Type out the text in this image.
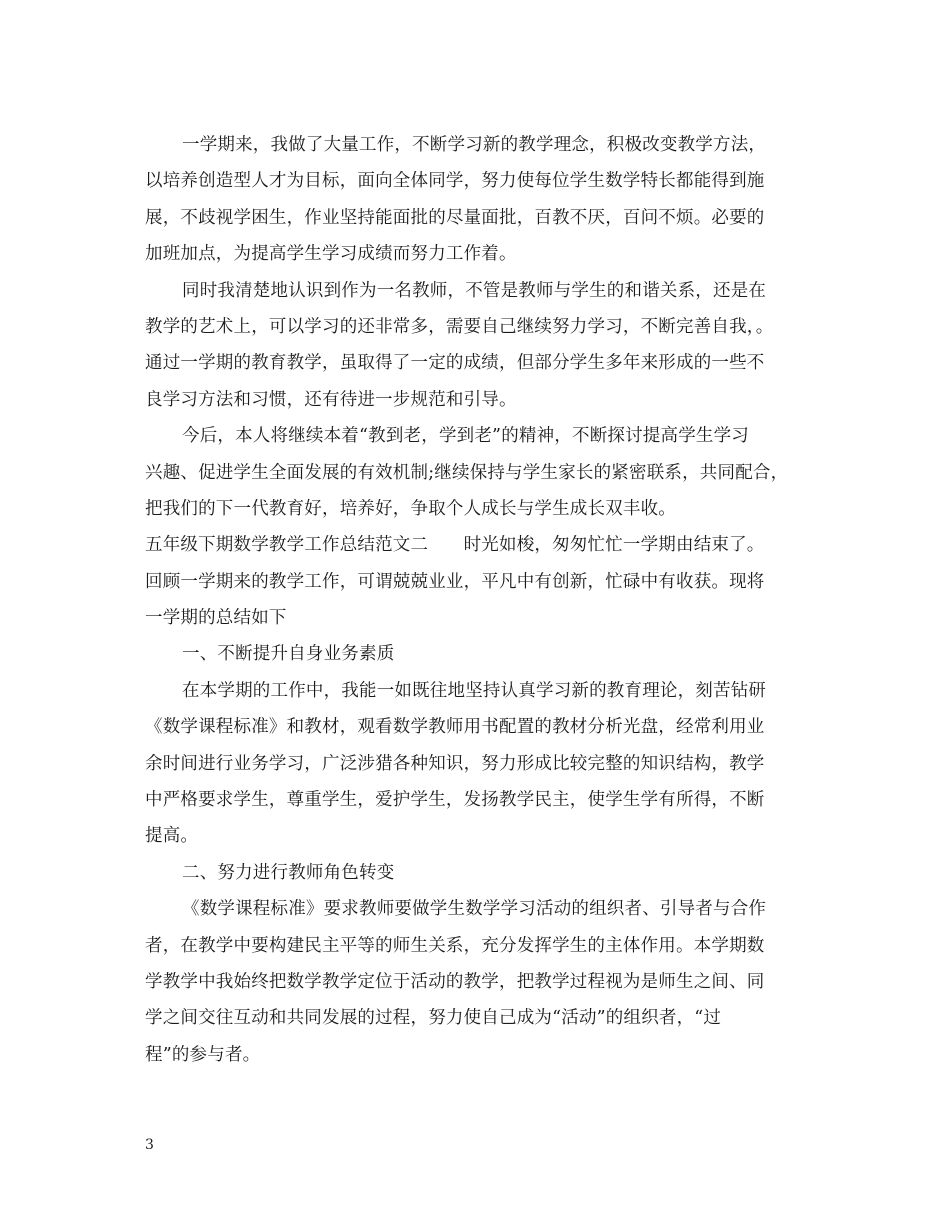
一学期来，我做了大量工作，不断学习新的教学理念，积极改变教学方法，
以培养创造型人才为目标，面向全体同学，努力使每位学生数学特长都能得到施
展，不歧视学困生，作业坚持能面批的尽量面批，百教不厌，百问不烦。必要的
加班加点，为提高学生学习成绩而努力工作着。
同时我清楚地认识到作为一名教师，不管是教师与学生的和谐关系，还是在
教学的艺术上，可以学习的还非常多，需要自己继续努力学习，不断完善自我，。
通过一学期的教育教学，虽取得了一定的成绩，但部分学生多年来形成的一些不
良学习方法和习惯，还有待进一步规范和引导。
今后，本人将继续本着“教到老，学到老”的精神，不断探讨提高学生学习
兴趣、促进学生全面发展的有效机制;继续保持与学生家长的紧密联系，共同配合，
把我们的下一代教育好，培养好，争取个人成长与学生成长双丰收。
五年级下期数学教学工作总结范文二　　时光如梭，匆匆忙忙一学期由结束了。
回顾一学期来的教学工作，可谓兢兢业业，平凡中有创新，忙碌中有收获。现将
一学期的总结如下
一、不断提升自身业务素质
在本学期的工作中，我能一如既往地坚持认真学习新的教育理论，刻苦钻研
《数学课程标准》和教材，观看数学教师用书配置的教材分析光盘，经常利用业
余时间进行业务学习，广泛涉猎各种知识，努力形成比较完整的知识结构，教学
中严格要求学生，尊重学生，爱护学生，发扬教学民主，使学生学有所得，不断
提高。
二、努力进行教师角色转变
《数学课程标准》要求教师要做学生数学学习活动的组织者、引导者与合作
者，在教学中要构建民主平等的师生关系，充分发挥学生的主体作用。本学期数
学教学中我始终把数学教学定位于活动的教学，把教学过程视为是师生之间、同
学之间交往互动和共同发展的过程，努力使自己成为“活动”的组织者，“过
程”的参与者。
3
